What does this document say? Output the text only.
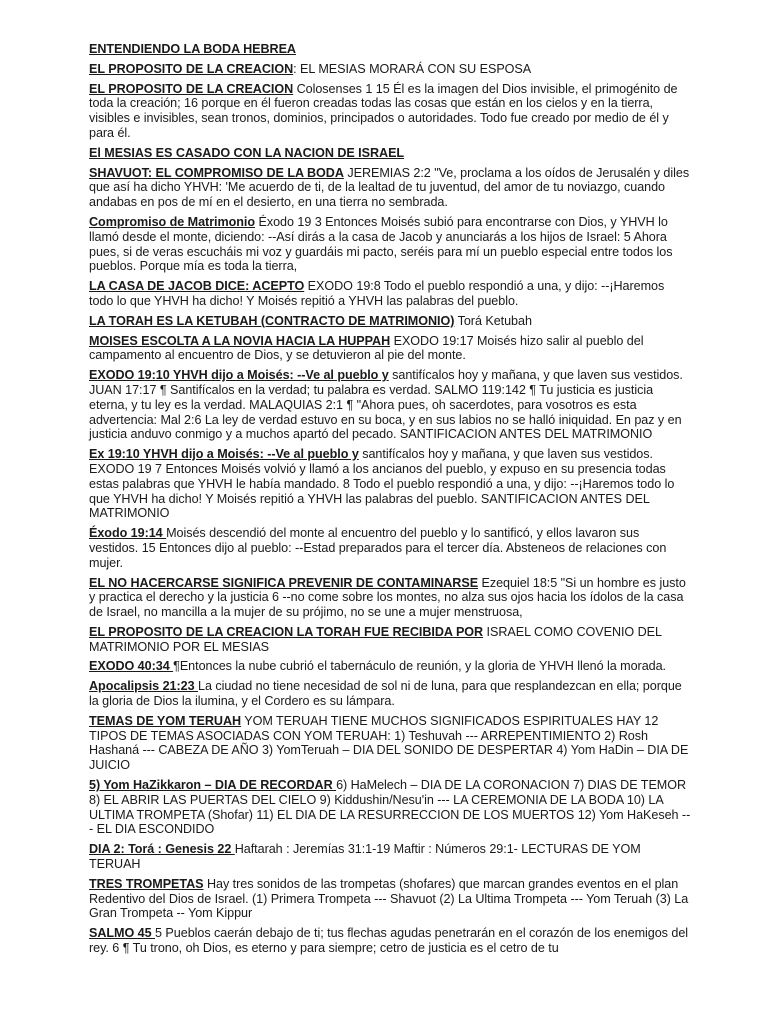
ENTENDIENDO LA BODA HEBREA
EL PROPOSITO DE LA CREACION: EL MESIAS MORARÁ CON SU ESPOSA
EL PROPOSITO DE LA CREACION Colosenses 1 15 Él es la imagen del Dios invisible, el primogénito de toda la creación; 16 porque en él fueron creadas todas las cosas que están en los cielos y en la tierra, visibles e invisibles, sean tronos, dominios, principados o autoridades. Todo fue creado por medio de él y para él.
El MESIAS ES CASADO CON LA NACION DE ISRAEL
SHAVUOT: EL COMPROMISO DE LA BODA JEREMIAS 2:2 "Ve, proclama a los oídos de Jerusalén y diles que así ha dicho YHVH: 'Me acuerdo de ti, de la lealtad de tu juventud, del amor de tu noviazgo, cuando andabas en pos de mí en el desierto, en una tierra no sembrada.
Compromiso de Matrimonio Éxodo 19 3 Entonces Moisés subió para encontrarse con Dios, y YHVH lo llamó desde el monte, diciendo: --Así dirás a la casa de Jacob y anunciarás a los hijos de Israel: 5 Ahora pues, si de veras escucháis mi voz y guardáis mi pacto, seréis para mí un pueblo especial entre todos los pueblos. Porque mía es toda la tierra,
LA CASA DE JACOB DICE: ACEPTO EXODO 19:8 Todo el pueblo respondió a una, y dijo: --¡Haremos todo lo que YHVH ha dicho! Y Moisés repitió a YHVH las palabras del pueblo.
LA TORAH ES LA KETUBAH (CONTRACTO DE MATRIMONIO) Torá Ketubah
MOISES ESCOLTA A LA NOVIA HACIA LA HUPPAH EXODO 19:17 Moisés hizo salir al pueblo del campamento al encuentro de Dios, y se detuvieron al pie del monte.
EXODO 19:10 YHVH dijo a Moisés: --Ve al pueblo y santifícalos hoy y mañana, y que laven sus vestidos. JUAN 17:17 ¶ Santifícalos en la verdad; tu palabra es verdad. SALMO 119:142 ¶ Tu justicia es justicia eterna, y tu ley es la verdad. MALAQUIAS 2:1 ¶ "Ahora pues, oh sacerdotes, para vosotros es esta advertencia: Mal 2:6 La ley de verdad estuvo en su boca, y en sus labios no se halló iniquidad. En paz y en justicia anduvo conmigo y a muchos apartó del pecado. SANTIFICACION ANTES DEL MATRIMONIO
Ex 19:10 YHVH dijo a Moisés: --Ve al pueblo y santifícalos hoy y mañana, y que laven sus vestidos. EXODO 19 7 Entonces Moisés volvió y llamó a los ancianos del pueblo, y expuso en su presencia todas estas palabras que YHVH le había mandado. 8 Todo el pueblo respondió a una, y dijo: --¡Haremos todo lo que YHVH ha dicho! Y Moisés repitió a YHVH las palabras del pueblo. SANTIFICACION ANTES DEL MATRIMONIO
Éxodo 19:14 Moisés descendió del monte al encuentro del pueblo y lo santificó, y ellos lavaron sus vestidos. 15 Entonces dijo al pueblo: --Estad preparados para el tercer día. Absteneos de relaciones con mujer.
EL NO HACERCARSE SIGNIFICA PREVENIR DE CONTAMINARSE Ezequiel 18:5 "Si un hombre es justo y practica el derecho y la justicia 6 --no come sobre los montes, no alza sus ojos hacia los ídolos de la casa de Israel, no mancilla a la mujer de su prójimo, no se une a mujer menstruosa,
EL PROPOSITO DE LA CREACION LA TORAH FUE RECIBIDA POR ISRAEL COMO COVENIO DEL MATRIMONIO POR EL MESIAS
EXODO 40:34 ¶Entonces la nube cubrió el tabernáculo de reunión, y la gloria de YHVH llenó la morada.
Apocalipsis 21:23 La ciudad no tiene necesidad de sol ni de luna, para que resplandezcan en ella; porque la gloria de Dios la ilumina, y el Cordero es su lámpara.
TEMAS DE YOM TERUAH YOM TERUAH TIENE MUCHOS SIGNIFICADOS ESPIRITUALES HAY 12 TIPOS DE TEMAS ASOCIADAS CON YOM TERUAH: 1) Teshuvah --- ARREPENTIMIENTO 2) Rosh Hashaná --- CABEZA DE AÑO 3) YomTeruah – DIA DEL SONIDO DE DESPERTAR 4) Yom HaDin – DIA DE JUICIO
5) Yom HaZikkaron – DIA DE RECORDAR 6) HaMelech – DIA DE LA CORONACION 7) DIAS DE TEMOR 8) EL ABRIR LAS PUERTAS DEL CIELO 9) Kiddushin/Nesu'in --- LA CEREMONIA DE LA BODA 10) LA ULTIMA TROMPETA (Shofar) 11) EL DIA DE LA RESURRECCION DE LOS MUERTOS 12) Yom HaKeseh --- EL DIA ESCONDIDO
DIA 2: Torá : Genesis 22 Haftarah : Jeremías 31:1-19 Maftir : Números 29:1- LECTURAS DE YOM TERUAH
TRES TROMPETAS Hay tres sonidos de las trompetas (shofares) que marcan grandes eventos en el plan Redentivo del Dios de Israel. (1) Primera Trompeta --- Shavuot (2) La Ultima Trompeta --- Yom Teruah (3) La Gran Trompeta -- Yom Kippur
SALMO 45 5 Pueblos caerán debajo de ti; tus flechas agudas penetrarán en el corazón de los enemigos del rey. 6 ¶ Tu trono, oh Dios, es eterno y para siempre; cetro de justicia es el cetro de tu
